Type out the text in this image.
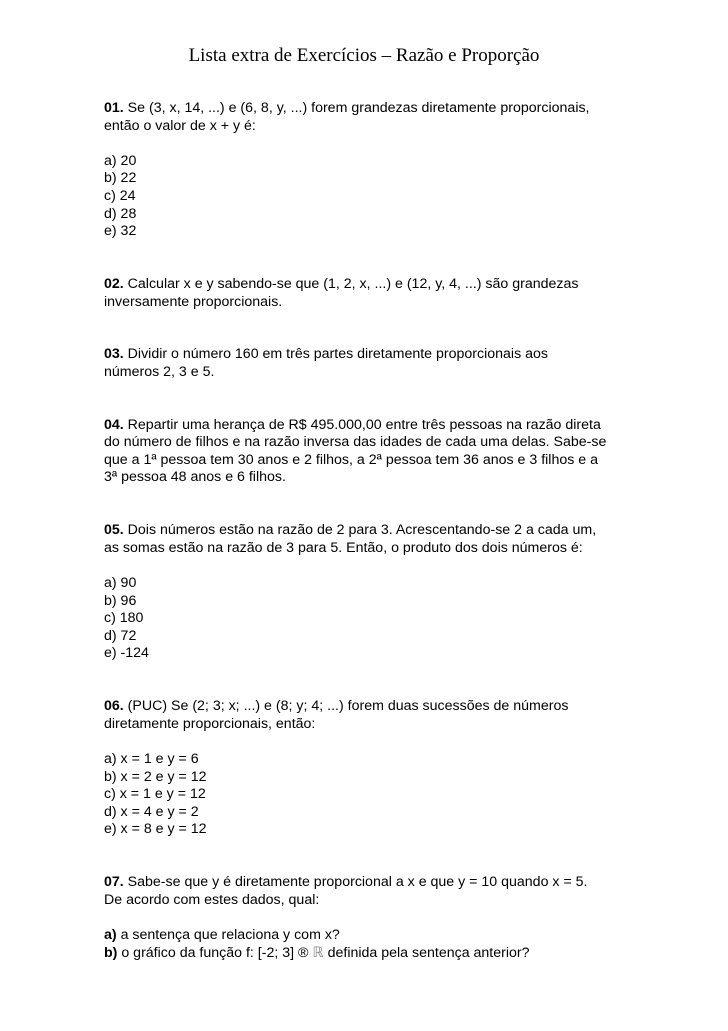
Lista extra de Exercícios – Razão e Proporção
01. Se (3, x, 14, ...) e (6, 8, y, ...) forem grandezas diretamente proporcionais,
então o valor de x + y é:
a) 20
b) 22
c) 24
d) 28
e) 32
02. Calcular x e y sabendo-se que (1, 2, x, ...) e (12, y, 4, ...) são grandezas
inversamente proporcionais.
03. Dividir o número 160 em três partes diretamente proporcionais aos
números 2, 3 e 5.
04. Repartir uma herança de R$ 495.000,00 entre três pessoas na razão direta
do número de filhos e na razão inversa das idades de cada uma delas. Sabe-se
que a 1ª pessoa tem 30 anos e 2 filhos, a 2ª pessoa tem 36 anos e 3 filhos e a
3ª pessoa 48 anos e 6 filhos.
05. Dois números estão na razão de 2 para 3. Acrescentando-se 2 a cada um,
as somas estão na razão de 3 para 5. Então, o produto dos dois números é:
a) 90
b) 96
c) 180
d) 72
e) -124
06. (PUC) Se (2; 3; x; ...) e (8; y; 4; ...) forem duas sucessões de números
diretamente proporcionais, então:
a) x = 1 e y = 6
b) x = 2 e y = 12
c) x = 1 e y = 12
d) x = 4 e y = 2
e) x = 8 e y = 12
07. Sabe-se que y é diretamente proporcional a x e que y = 10 quando x = 5.
De acordo com estes dados, qual:
a) a sentença que relaciona y com x?
b) o gráfico da função f: [-2; 3] ® ℝ definida pela sentença anterior?
